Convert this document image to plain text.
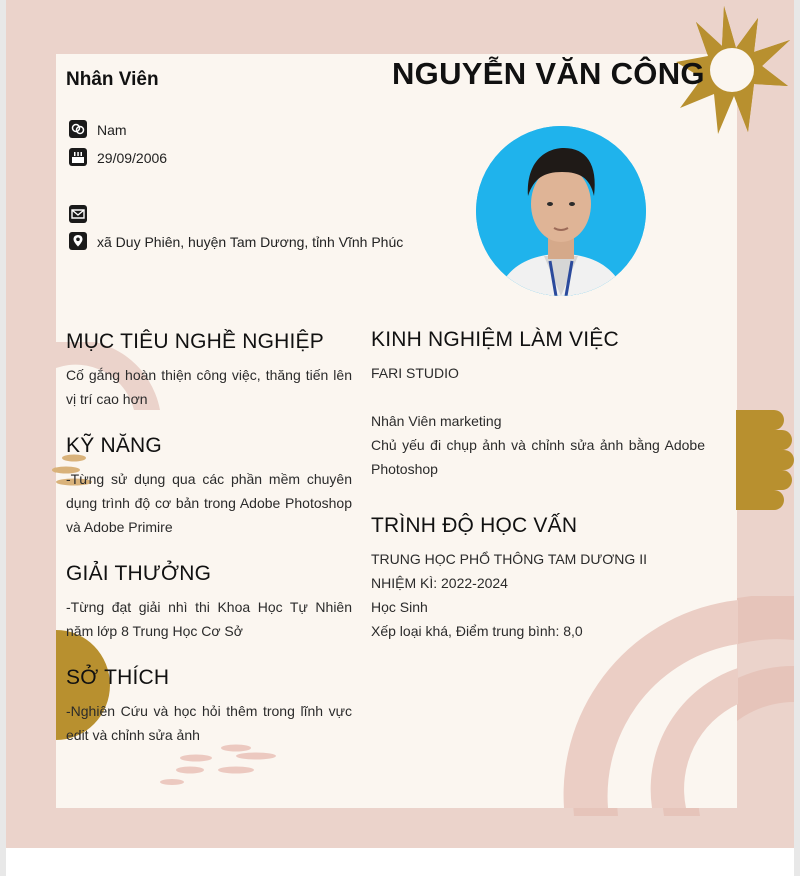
Nhân Viên	NGUYỄN VĂN CÔNG
Nam
29/09/2006
xã Duy Phiên, huyện Tam Dương, tỉnh Vĩnh Phúc
MỤC TIÊU NGHỀ NGHIỆP
Cố gắng hoàn thiện công việc, thăng tiến lên vị trí cao hơn
KỸ NĂNG
-Từng sử dụng qua các phần mềm chuyên dụng trình độ cơ bản trong Adobe Photoshop và Adobe Primire
GIẢI THƯỞNG
-Từng đạt giải nhì thi Khoa Học Tự Nhiên năm lớp 8 Trung Học Cơ Sở
SỞ THÍCH
-Nghiên Cứu và học hỏi thêm trong lĩnh vực edit và chỉnh sửa ảnh
KINH NGHIỆM LÀM VIỆC
FARI STUDIO
Nhân Viên marketing
Chủ yếu đi chụp ảnh và chỉnh sửa ảnh bằng Adobe Photoshop
TRÌNH ĐỘ HỌC VẤN
TRUNG HỌC PHỔ THÔNG TAM DƯƠNG II
NHIỆM KÌ: 2022-2024
Học Sinh
Xếp loại khá, Điểm trung bình: 8,0
